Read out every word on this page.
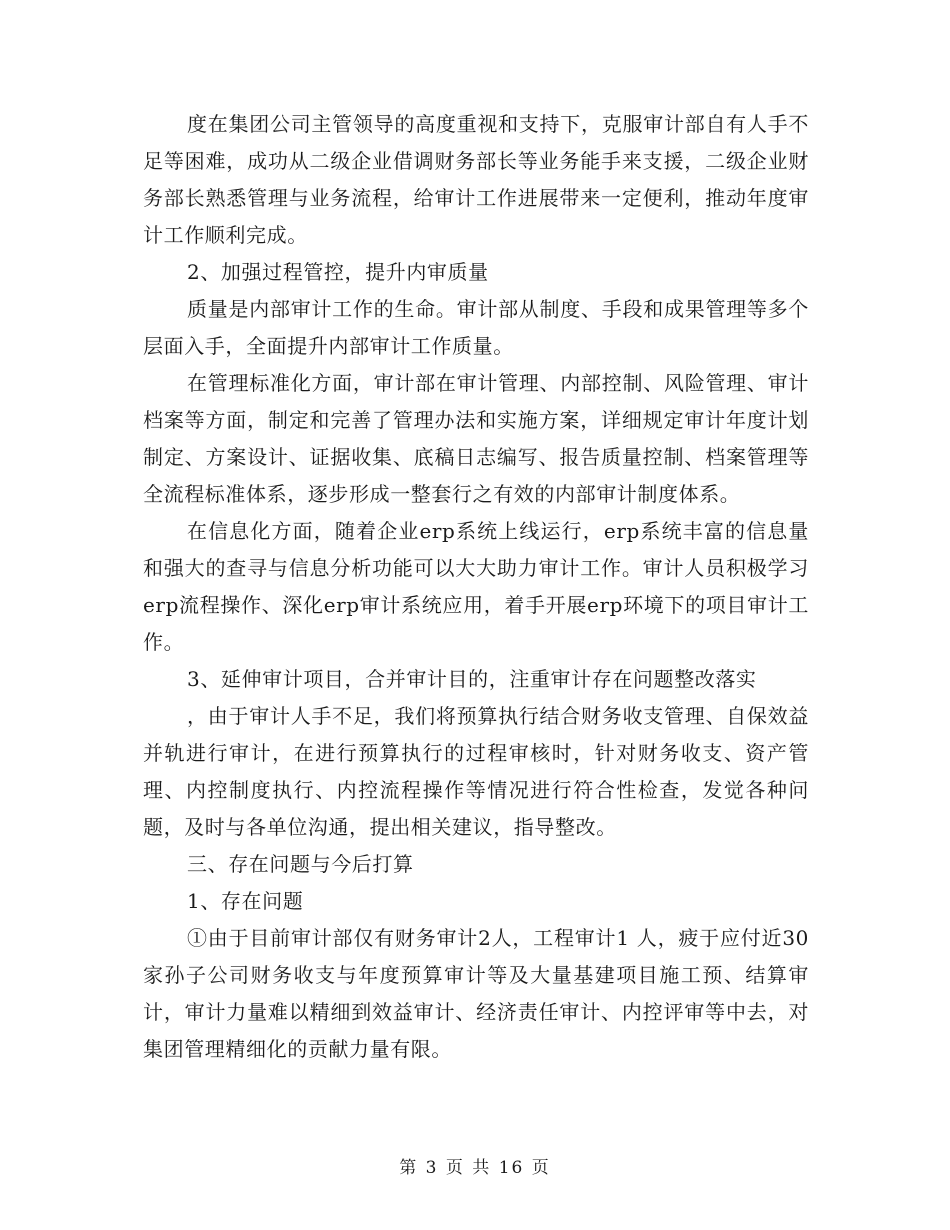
度在集团公司主管领导的高度重视和支持下，克服审计部自有人手不足等困难，成功从二级企业借调财务部长等业务能手来支援，二级企业财务部长熟悉管理与业务流程，给审计工作进展带来一定便利，推动年度审计工作顺利完成。

2、加强过程管控，提升内审质量

质量是内部审计工作的生命。审计部从制度、手段和成果管理等多个层面入手，全面提升内部审计工作质量。

在管理标准化方面，审计部在审计管理、内部控制、风险管理、审计档案等方面，制定和完善了管理办法和实施方案，详细规定审计年度计划制定、方案设计、证据收集、底稿日志编写、报告质量控制、档案管理等全流程标准体系，逐步形成一整套行之有效的内部审计制度体系。

在信息化方面，随着企业erp系统上线运行，erp系统丰富的信息量和强大的查寻与信息分析功能可以大大助力审计工作。审计人员积极学习erp流程操作、深化erp审计系统应用，着手开展erp环境下的项目审计工作。

3、延伸审计项目，合并审计目的，注重审计存在问题整改落实

，由于审计人手不足，我们将预算执行结合财务收支管理、自保效益并轨进行审计，在进行预算执行的过程审核时，针对财务收支、资产管理、内控制度执行、内控流程操作等情况进行符合性检查，发觉各种问题，及时与各单位沟通，提出相关建议，指导整改。

三、存在问题与今后打算

1、存在问题

①由于目前审计部仅有财务审计2人，工程审计1 人，疲于应付近30家孙子公司财务收支与年度预算审计等及大量基建项目施工预、结算审计，审计力量难以精细到效益审计、经济责任审计、内控评审等中去，对集团管理精细化的贡献力量有限。

第 3 页 共 16 页
